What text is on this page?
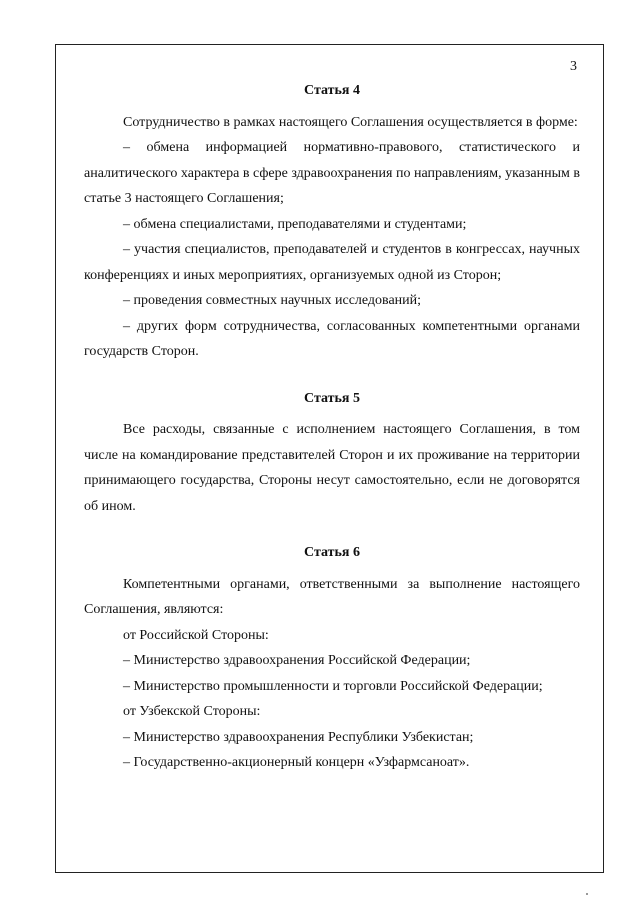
3

Статья 4

Сотрудничество в рамках настоящего Соглашения осуществляется в форме:

– обмена информацией нормативно-правового, статистического и аналитического характера в сфере здравоохранения по направлениям, указанным в статье 3 настоящего Соглашения;

– обмена специалистами, преподавателями и студентами;

– участия специалистов, преподавателей и студентов в конгрессах, научных конференциях и иных мероприятиях, организуемых одной из Сторон;

– проведения совместных научных исследований;

– других форм сотрудничества, согласованных компетентными органами государств Сторон.

Статья 5

Все расходы, связанные с исполнением настоящего Соглашения, в том числе на командирование представителей Сторон и их проживание на территории принимающего государства, Стороны несут самостоятельно, если не договорятся об ином.

Статья 6

Компетентными органами, ответственными за выполнение настоящего Соглашения, являются:

от Российской Стороны:

– Министерство здравоохранения Российской Федерации;

– Министерство промышленности и торговли Российской Федерации;

от Узбекской Стороны:

– Министерство здравоохранения Республики Узбекистан;

– Государственно-акционерный концерн «Узфармсаноат».
